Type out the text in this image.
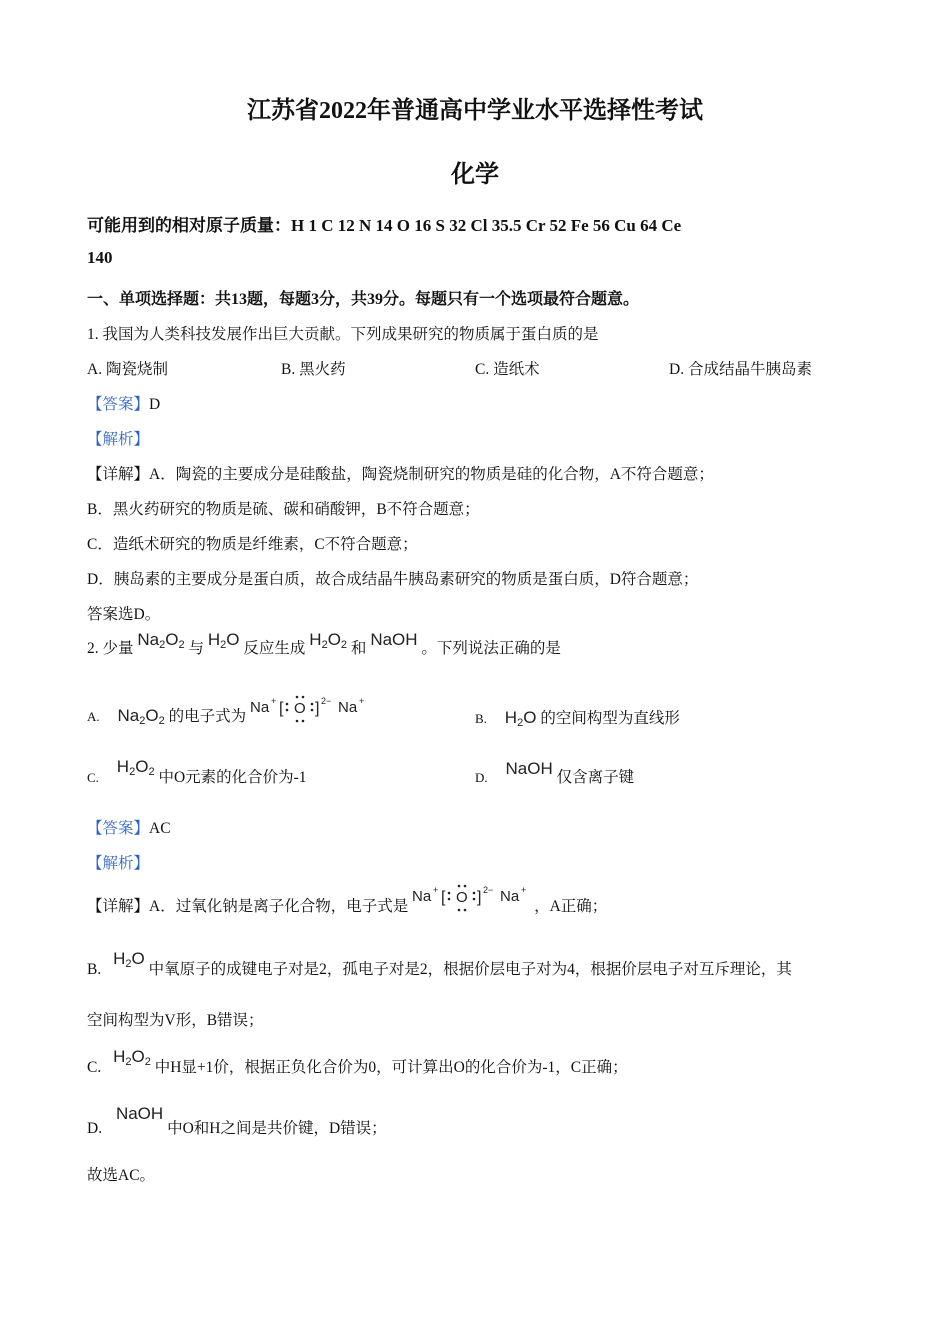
江苏省2022年普通高中学业水平选择性考试
化学
可能用到的相对原子质量：H 1 C 12 N 14 O 16 S 32 Cl 35.5 Cr 52 Fe 56 Cu 64 Ce
140
一、单项选择题：共13题，每题3分，共39分。每题只有一个选项最符合题意。
1. 我国为人类科技发展作出巨大贡献。下列成果研究的物质属于蛋白质的是
A. 陶瓷烧制	B. 黑火药	C. 造纸术	D. 合成结晶牛胰岛素
【答案】D
【解析】
【详解】A．陶瓷的主要成分是硅酸盐，陶瓷烧制研究的物质是硅的化合物，A不符合题意；
B．黑火药研究的物质是硫、碳和硝酸钾，B不符合题意；
C．造纸术研究的物质是纤维素，C不符合题意；
D．胰岛素的主要成分是蛋白质，故合成结晶牛胰岛素研究的物质是蛋白质，D符合题意；
答案选D。
2. 少量 $Na_2O_2$ 与 $H_2O$ 反应生成 $H_2O_2$ 和 NaOH 。下列说法正确的是
A. $Na_2O_2$ 的电子式为
Na + [ O ] 2− Na +
B. $H_2O$ 的空间构型为直线形
C. $H_2O_2$ 中O元素的化合价为-1	D. NaOH 仅含离子键
【答案】AC
【解析】
【详解】A．过氧化钠是离子化合物，电子式是
Na + [ O ] 2− Na +
，A正确；
B. $H_2O$ 中氧原子的成键电子对是2，孤电子对是2，根据价层电子对为4，根据价层电子对互斥理论，其
空间构型为V形，B错误；
C. $H_2O_2$ 中H显+1价，根据正负化合价为0，可计算出O的化合价为-1，C正确；
D. NaOH 中O和H之间是共价键，D错误；
故选AC。
